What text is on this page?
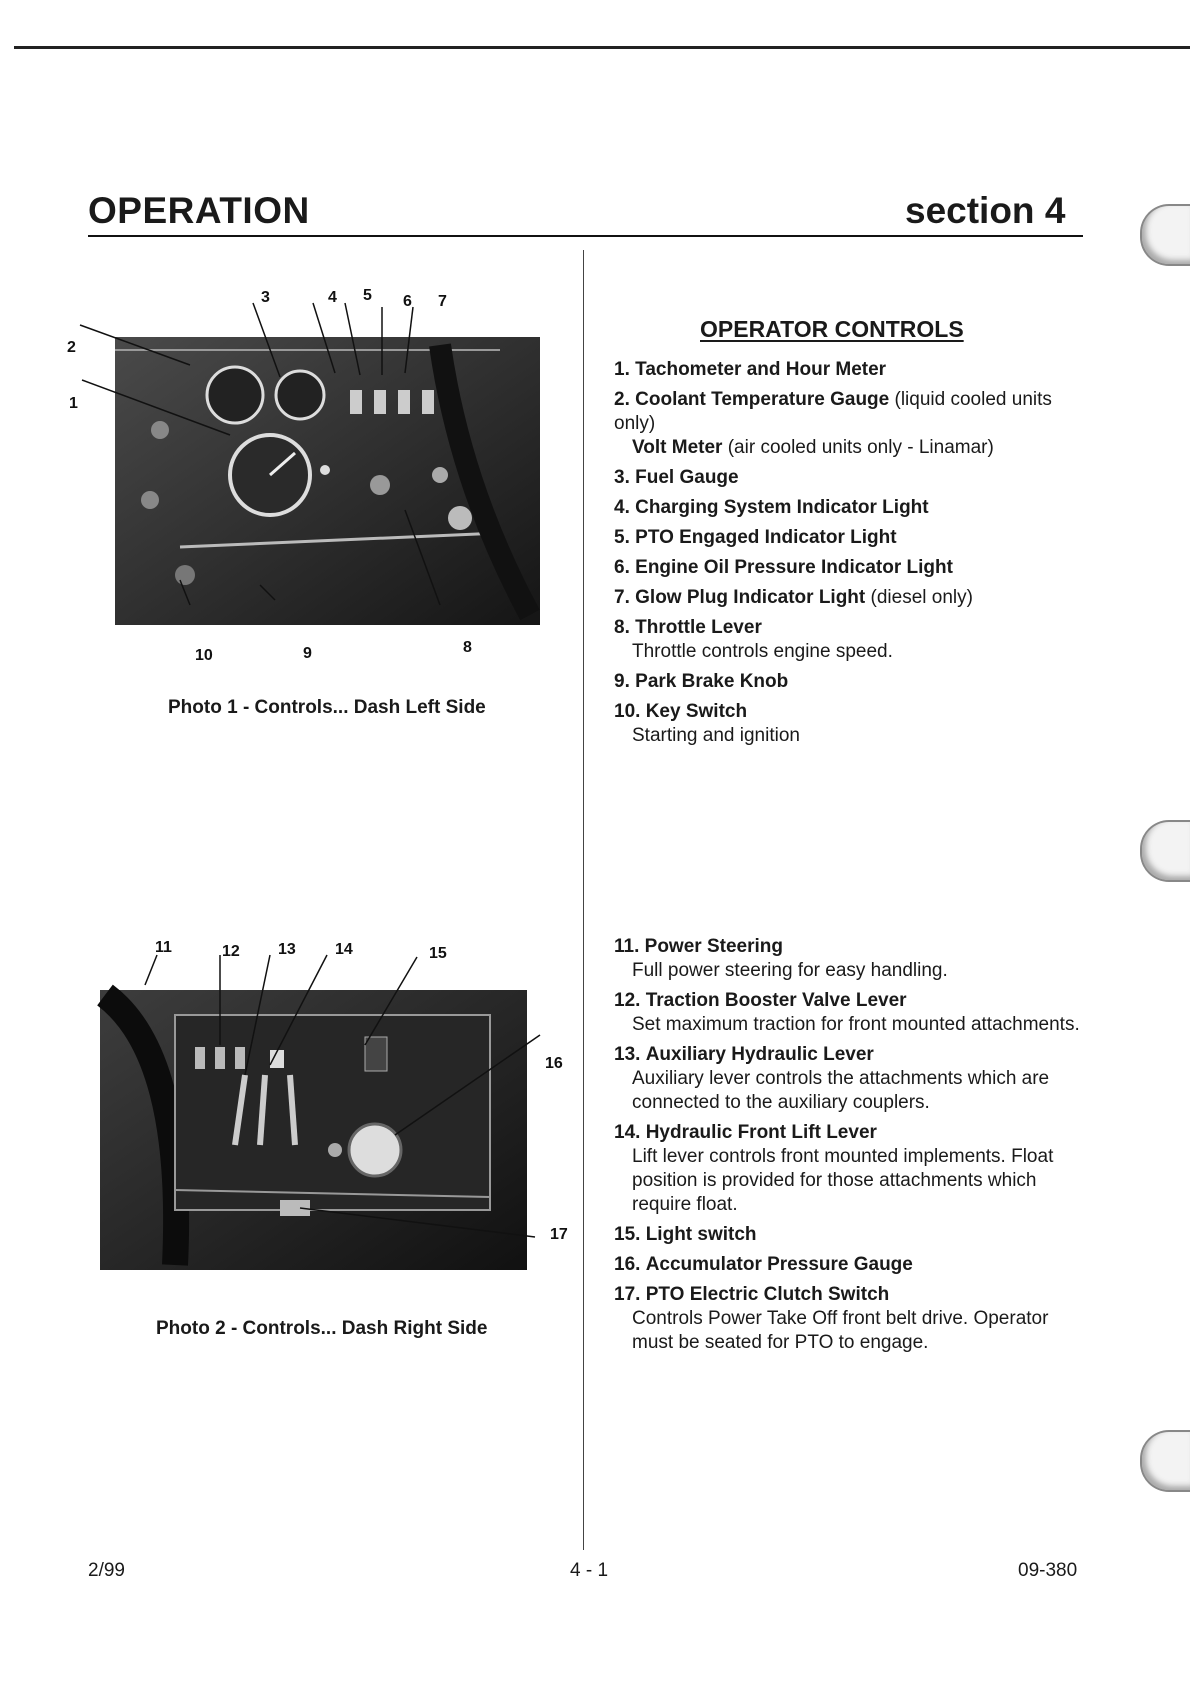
OPERATION	section 4
2
1
3	4 5 6 7
8
9
10
Photo 1 - Controls... Dash Left Side
11	12 13 14	15
16
17
Photo 2 - Controls... Dash Right Side
OPERATOR CONTROLS
1. Tachometer and Hour Meter
2. Coolant Temperature Gauge (liquid cooled units only)
Volt Meter (air cooled units only - Linamar)
3. Fuel Gauge
4. Charging System Indicator Light
5. PTO Engaged Indicator Light
6. Engine Oil Pressure Indicator Light
7. Glow Plug Indicator Light (diesel only)
8. Throttle Lever
Throttle controls engine speed.
9. Park Brake Knob
10. Key Switch
Starting and ignition
11. Power Steering
Full power steering for easy handling.
12. Traction Booster Valve Lever
Set maximum traction for front mounted attachments.
13. Auxiliary Hydraulic Lever
Auxiliary lever controls the attachments which are connected to the auxiliary couplers.
14. Hydraulic Front Lift Lever
Lift lever controls front mounted implements. Float position is provided for those attachments which require float.
15. Light switch
16. Accumulator Pressure Gauge
17. PTO Electric Clutch Switch
Controls Power Take Off front belt drive. Operator must be seated for PTO to engage.
2/99	4 - 1	09-380
